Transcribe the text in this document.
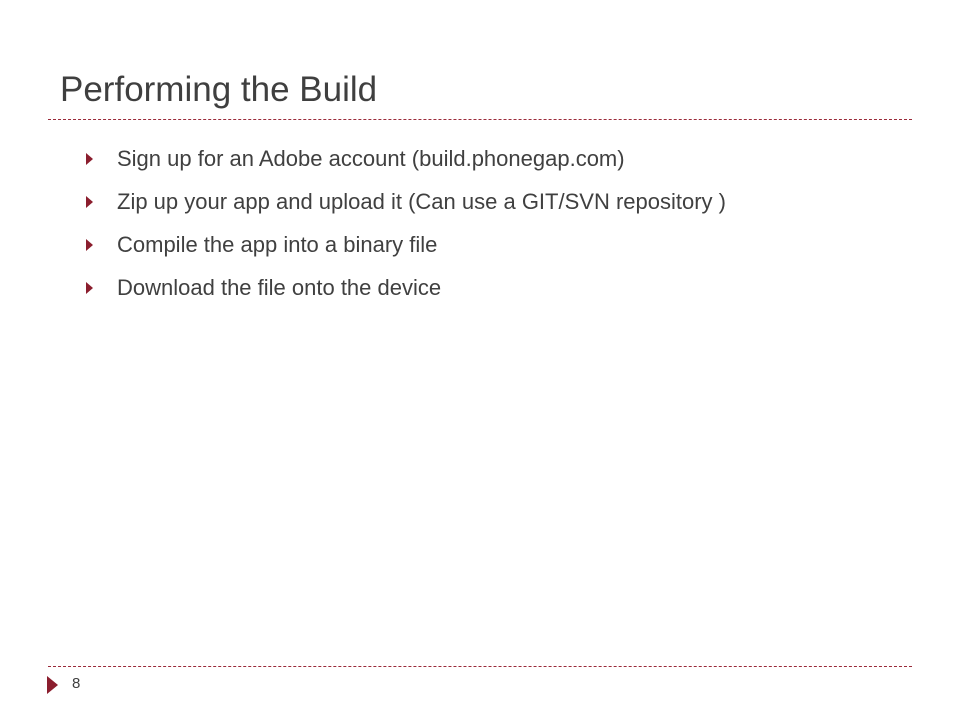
Performing the Build
Sign up for an Adobe account (build.phonegap.com)
Zip up your app and upload it (Can use a GIT/SVN repository )
Compile the app into a binary file
Download the file onto the device
8
